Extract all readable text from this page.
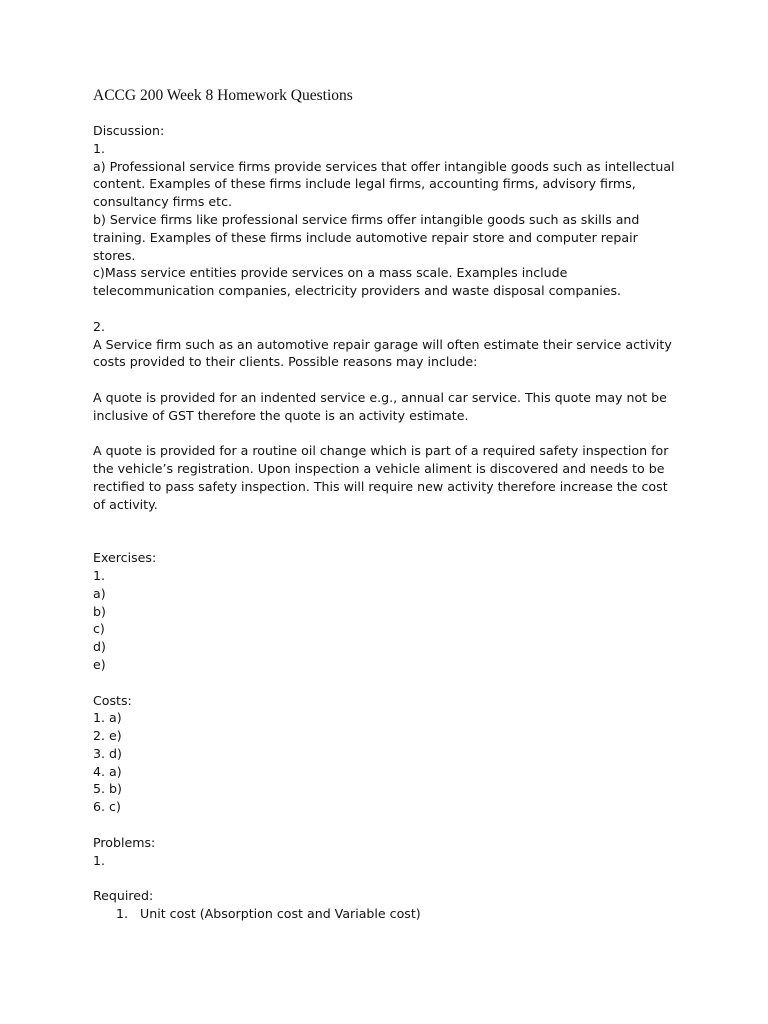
ACCG 200 Week 8 Homework Questions
Discussion:
1.
a) Professional service firms provide services that offer intangible goods such as intellectual
content. Examples of these firms include legal firms, accounting firms, advisory firms,
consultancy firms etc.
b) Service firms like professional service firms offer intangible goods such as skills and
training. Examples of these firms include automotive repair store and computer repair
stores.
c)Mass service entities provide services on a mass scale. Examples include
telecommunication companies, electricity providers and waste disposal companies.
2.
A Service firm such as an automotive repair garage will often estimate their service activity
costs provided to their clients. Possible reasons may include:
A quote is provided for an indented service e.g., annual car service. This quote may not be
inclusive of GST therefore the quote is an activity estimate.
A quote is provided for a routine oil change which is part of a required safety inspection for
the vehicle’s registration. Upon inspection a vehicle aliment is discovered and needs to be
rectified to pass safety inspection. This will require new activity therefore increase the cost
of activity.
Exercises:
1.
a)
b)
c)
d)
e)
Costs:
1. a)
2. e)
3. d)
4. a)
5. b)
6. c)
Problems:
1.
Required:
1. Unit cost (Absorption cost and Variable cost)
